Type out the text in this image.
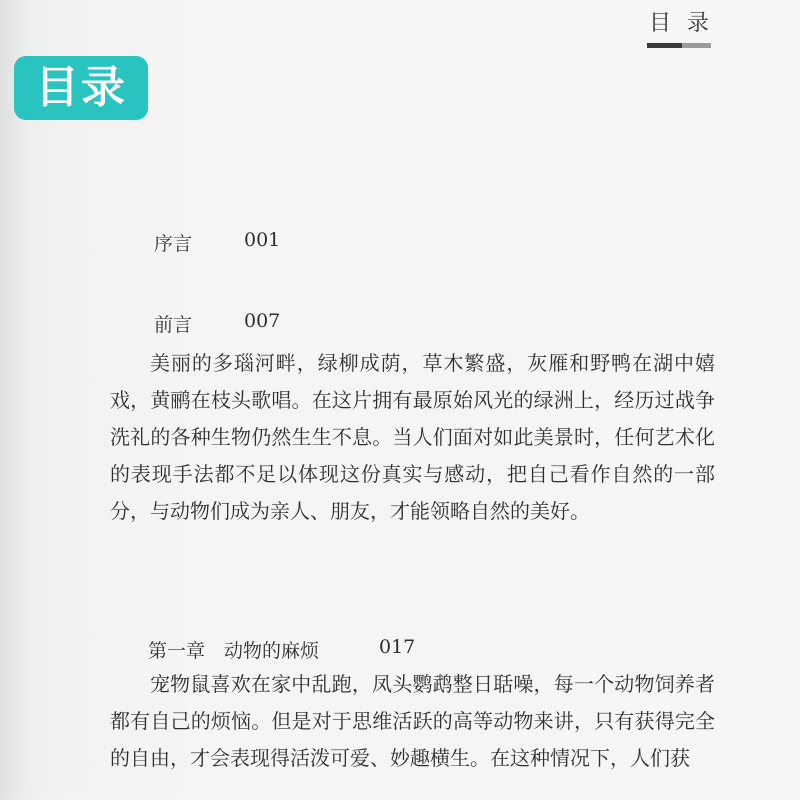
目录
目录
序言	001
前言	007

美丽的多瑙河畔，绿柳成荫，草木繁盛，灰雁和野鸭在湖中嬉戏，黄鹂在枝头歌唱。在这片拥有最原始风光的绿洲上，经历过战争洗礼的各种生物仍然生生不息。当人们面对如此美景时，任何艺术化的表现手法都不足以体现这份真实与感动，把自己看作自然的一部分，与动物们成为亲人、朋友，才能领略自然的美好。

第一章　动物的麻烦	017

宠物鼠喜欢在家中乱跑，凤头鹦鹉整日聒噪，每一个动物饲养者都有自己的烦恼。但是对于思维活跃的高等动物来讲，只有获得完全的自由，才会表现得活泼可爱、妙趣横生。在这种情况下，人们获
